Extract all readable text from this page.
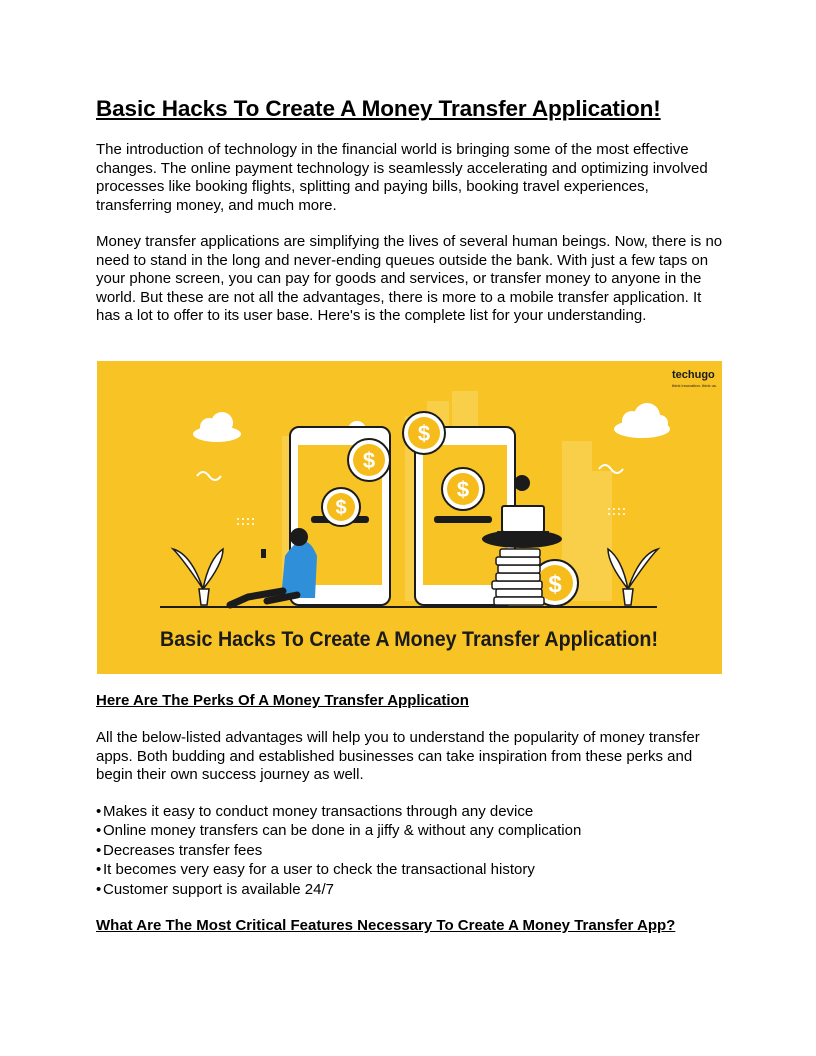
Basic Hacks To Create A Money Transfer Application!

The introduction of technology in the financial world is bringing some of the most effective changes. The online payment technology is seamlessly accelerating and optimizing involved processes like booking flights, splitting and paying bills, booking travel experiences, transferring money, and much more.

Money transfer applications are simplifying the lives of several human beings. Now, there is no need to stand in the long and never-ending queues outside the bank. With just a few taps on your phone screen, you can pay for goods and services, or transfer money to anyone in the world. But these are not all the advantages, there is more to a mobile transfer application. It has a lot to offer to its user base. Here's is the complete list for your understanding.

$
$
$
$
$
techugo
think innovation. think us.
Basic Hacks To Create A Money Transfer Application!
Here Are The Perks Of A Money Transfer Application

All the below-listed advantages will help you to understand the popularity of money transfer apps. Both budding and established businesses can take inspiration from these perks and begin their own success journey as well.

• Makes it easy to conduct money transactions through any device
• Online money transfers can be done in a jiffy & without any complication
• Decreases transfer fees
• It becomes very easy for a user to check the transactional history
• Customer support is available 24/7
What Are The Most Critical Features Necessary To Create A Money Transfer App?
